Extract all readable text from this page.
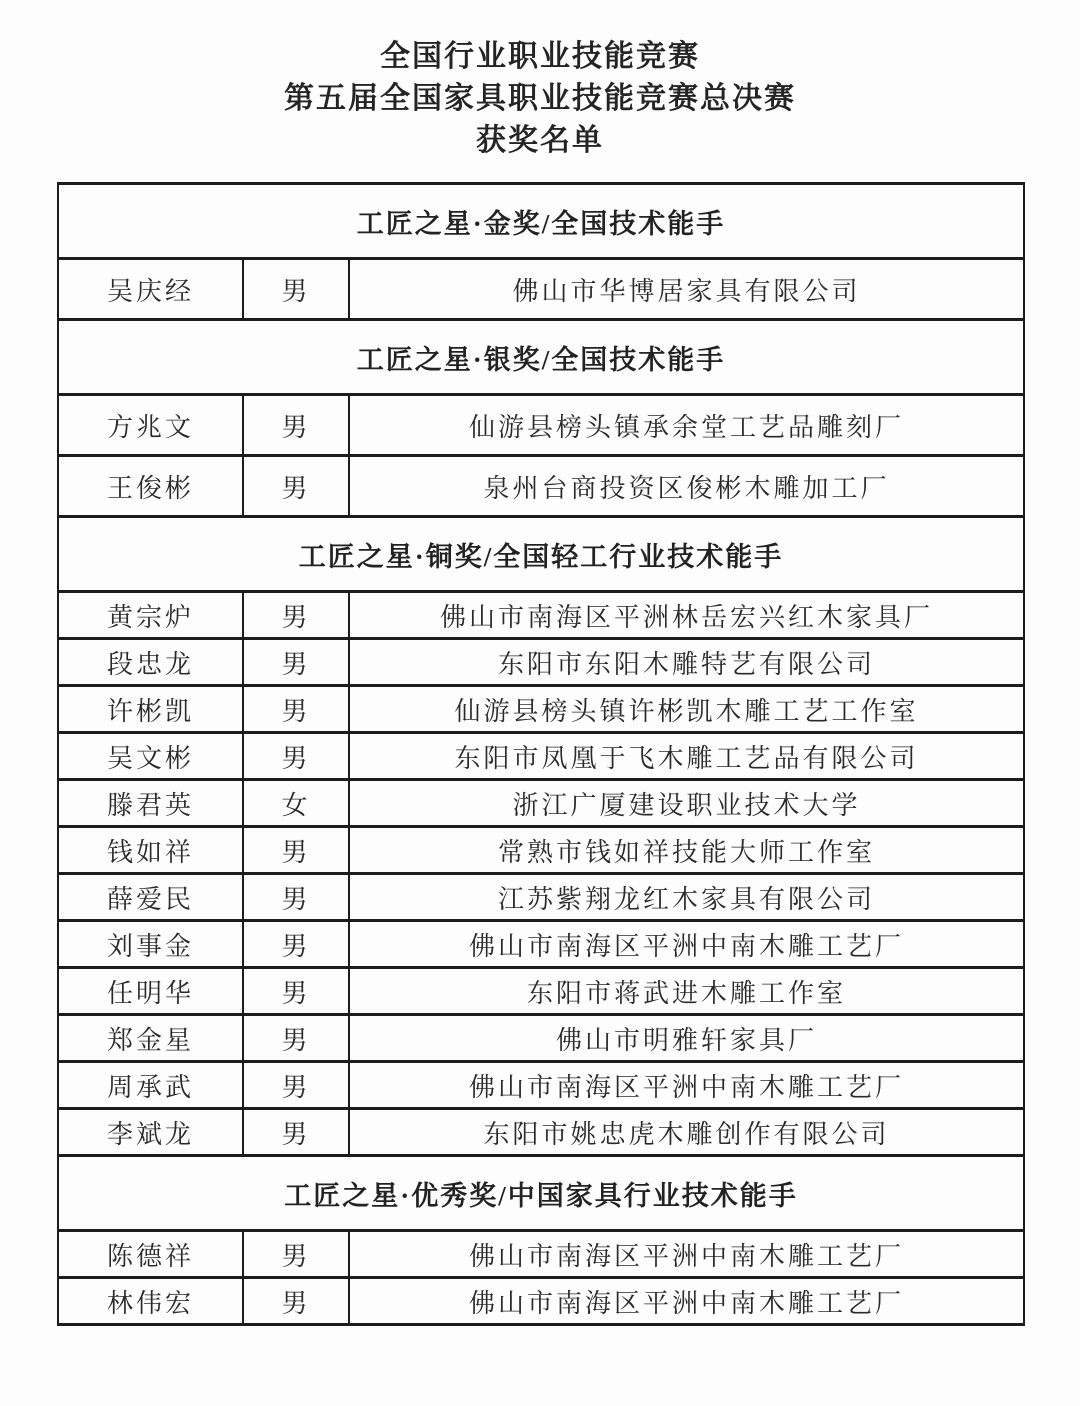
全国行业职业技能竞赛
第五届全国家具职业技能竞赛总决赛
获奖名单
工匠之星·金奖/全国技术能手		
吴庆经	男	佛山市华博居家具有限公司
工匠之星·银奖/全国技术能手		
方兆文	男	仙游县榜头镇承余堂工艺品雕刻厂
王俊彬	男	泉州台商投资区俊彬木雕加工厂
工匠之星·铜奖/全国轻工行业技术能手		
黄宗炉	男	佛山市南海区平洲林岳宏兴红木家具厂
段忠龙	男	东阳市东阳木雕特艺有限公司
许彬凯	男	仙游县榜头镇许彬凯木雕工艺工作室
吴文彬	男	东阳市凤凰于飞木雕工艺品有限公司
滕君英	女	浙江广厦建设职业技术大学
钱如祥	男	常熟市钱如祥技能大师工作室
薛爱民	男	江苏紫翔龙红木家具有限公司
刘事金	男	佛山市南海区平洲中南木雕工艺厂
任明华	男	东阳市蒋武进木雕工作室
郑金星	男	佛山市明雅轩家具厂
周承武	男	佛山市南海区平洲中南木雕工艺厂
李斌龙	男	东阳市姚忠虎木雕创作有限公司
工匠之星·优秀奖/中国家具行业技术能手		
陈德祥	男	佛山市南海区平洲中南木雕工艺厂
林伟宏	男	佛山市南海区平洲中南木雕工艺厂
